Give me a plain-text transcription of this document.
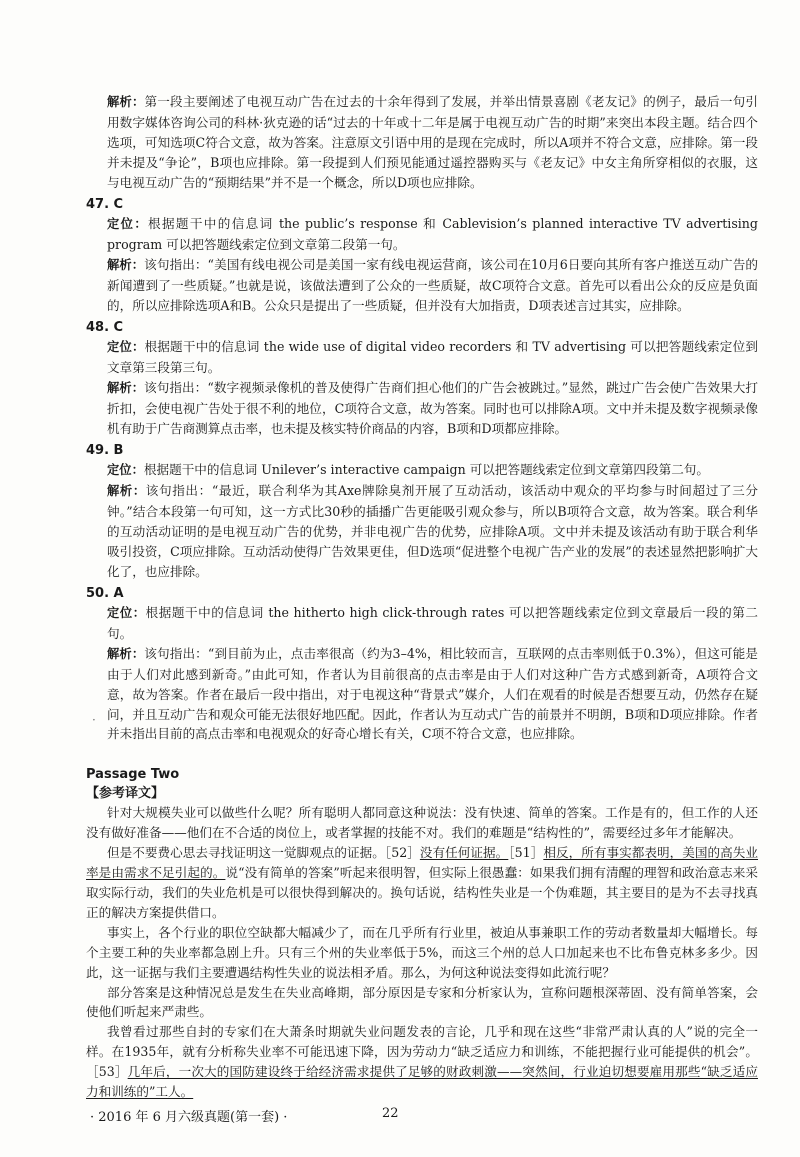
解析：第一段主要阐述了电视互动广告在过去的十余年得到了发展，并举出情景喜剧《老友记》的例子，最后一句引用数字媒体咨询公司的科林·狄克逊的话“过去的十年或十二年是属于电视互动广告的时期”来突出本段主题。结合四个选项，可知选项C符合文意，故为答案。注意原文引语中用的是现在完成时，所以A项并不符合文意，应排除。第一段并未提及“争论”，B项也应排除。第一段提到人们预见能通过遥控器购买与《老友记》中女主角所穿相似的衣服，这与电视互动广告的“预期结果”并不是一个概念，所以D项也应排除。

47. C

定位：根据题干中的信息词 the public’s response 和 Cablevision’s planned interactive TV advertising program 可以把答题线索定位到文章第二段第一句。

解析：该句指出：“美国有线电视公司是美国一家有线电视运营商，该公司在10月6日要向其所有客户推送互动广告的新闻遭到了一些质疑。”也就是说，该做法遭到了公众的一些质疑，故C项符合文意。首先可以看出公众的反应是负面的，所以应排除选项A和B。公众只是提出了一些质疑，但并没有大加指责，D项表述言过其实，应排除。

48. C

定位：根据题干中的信息词 the wide use of digital video recorders 和 TV advertising 可以把答题线索定位到文章第三段第三句。

解析：该句指出：“数字视频录像机的普及使得广告商们担心他们的广告会被跳过。”显然，跳过广告会使广告效果大打折扣，会使电视广告处于很不利的地位，C项符合文意，故为答案。同时也可以排除A项。文中并未提及数字视频录像机有助于广告商测算点击率，也未提及核实特价商品的内容，B项和D项都应排除。

49. B

定位：根据题干中的信息词 Unilever’s interactive campaign 可以把答题线索定位到文章第四段第二句。

解析：该句指出：“最近，联合利华为其Axe牌除臭剂开展了互动活动，该活动中观众的平均参与时间超过了三分钟。”结合本段第一句可知，这一方式比30秒的插播广告更能吸引观众参与，所以B项符合文意，故为答案。联合利华的互动活动证明的是电视互动广告的优势，并非电视广告的优势，应排除A项。文中并未提及该活动有助于联合利华吸引投资，C项应排除。互动活动使得广告效果更佳，但D选项“促进整个电视广告产业的发展”的表述显然把影响扩大化了，也应排除。

50. A

定位：根据题干中的信息词 the hitherto high click-through rates 可以把答题线索定位到文章最后一段的第二句。

解析：该句指出：“到目前为止，点击率很高（约为3–4%，相比较而言，互联网的点击率则低于0.3%），但这可能是由于人们对此感到新奇。”由此可知，作者认为目前很高的点击率是由于人们对这种广告方式感到新奇，A项符合文意，故为答案。作者在最后一段中指出，对于电视这种“背景式”媒介，人们在观看的时候是否想要互动，仍然存在疑问，并且互动广告和观众可能无法很好地匹配。因此，作者认为互动式广告的前景并不明朗，B项和D项应排除。作者并未指出目前的高点击率和电视观众的好奇心增长有关，C项不符合文意，也应排除。

Passage Two
【参考译文】

针对大规模失业可以做些什么呢？所有聪明人都同意这种说法：没有快速、简单的答案。工作是有的，但工作的人还没有做好准备——他们在不合适的岗位上，或者掌握的技能不对。我们的难题是“结构性的”，需要经过多年才能解决。

但是不要费心思去寻找证明这一觉脚观点的证据。［52］没有任何证据。［51］相反，所有事实都表明，美国的高失业率是由需求不足引起的。说“没有简单的答案”听起来很明智，但实际上很愚蠢：如果我们拥有清醒的理智和政治意志来采取实际行动，我们的失业危机是可以很快得到解决的。换句话说，结构性失业是一个伪难题，其主要目的是为不去寻找真正的解决方案提供借口。

事实上，各个行业的职位空缺都大幅减少了，而在几乎所有行业里，被迫从事兼职工作的劳动者数量却大幅增长。每个主要工种的失业率都急剧上升。只有三个州的失业率低于5%，而这三个州的总人口加起来也不比布鲁克林多多少。因此，这一证据与我们主要遭遇结构性失业的说法相矛盾。那么，为何这种说法变得如此流行呢？

部分答案是这种情况总是发生在失业高峰期，部分原因是专家和分析家认为，宣称问题根深蒂固、没有简单答案，会使他们听起来严肃些。

我曾看过那些自封的专家们在大萧条时期就失业问题发表的言论，几乎和现在这些“非常严肃认真的人”说的完全一样。在1935年，就有分析称失业率不可能迅速下降，因为劳动力“缺乏适应力和训练，不能把握行业可能提供的机会”。［53］几年后，一次大的国防建设终于给经济需求提供了足够的财政刺激——突然间，行业迫切想要雇用那些“缺乏适应力和训练的”工人。

·
· 2016 年 6 月六级真题(第一套) ·	22
